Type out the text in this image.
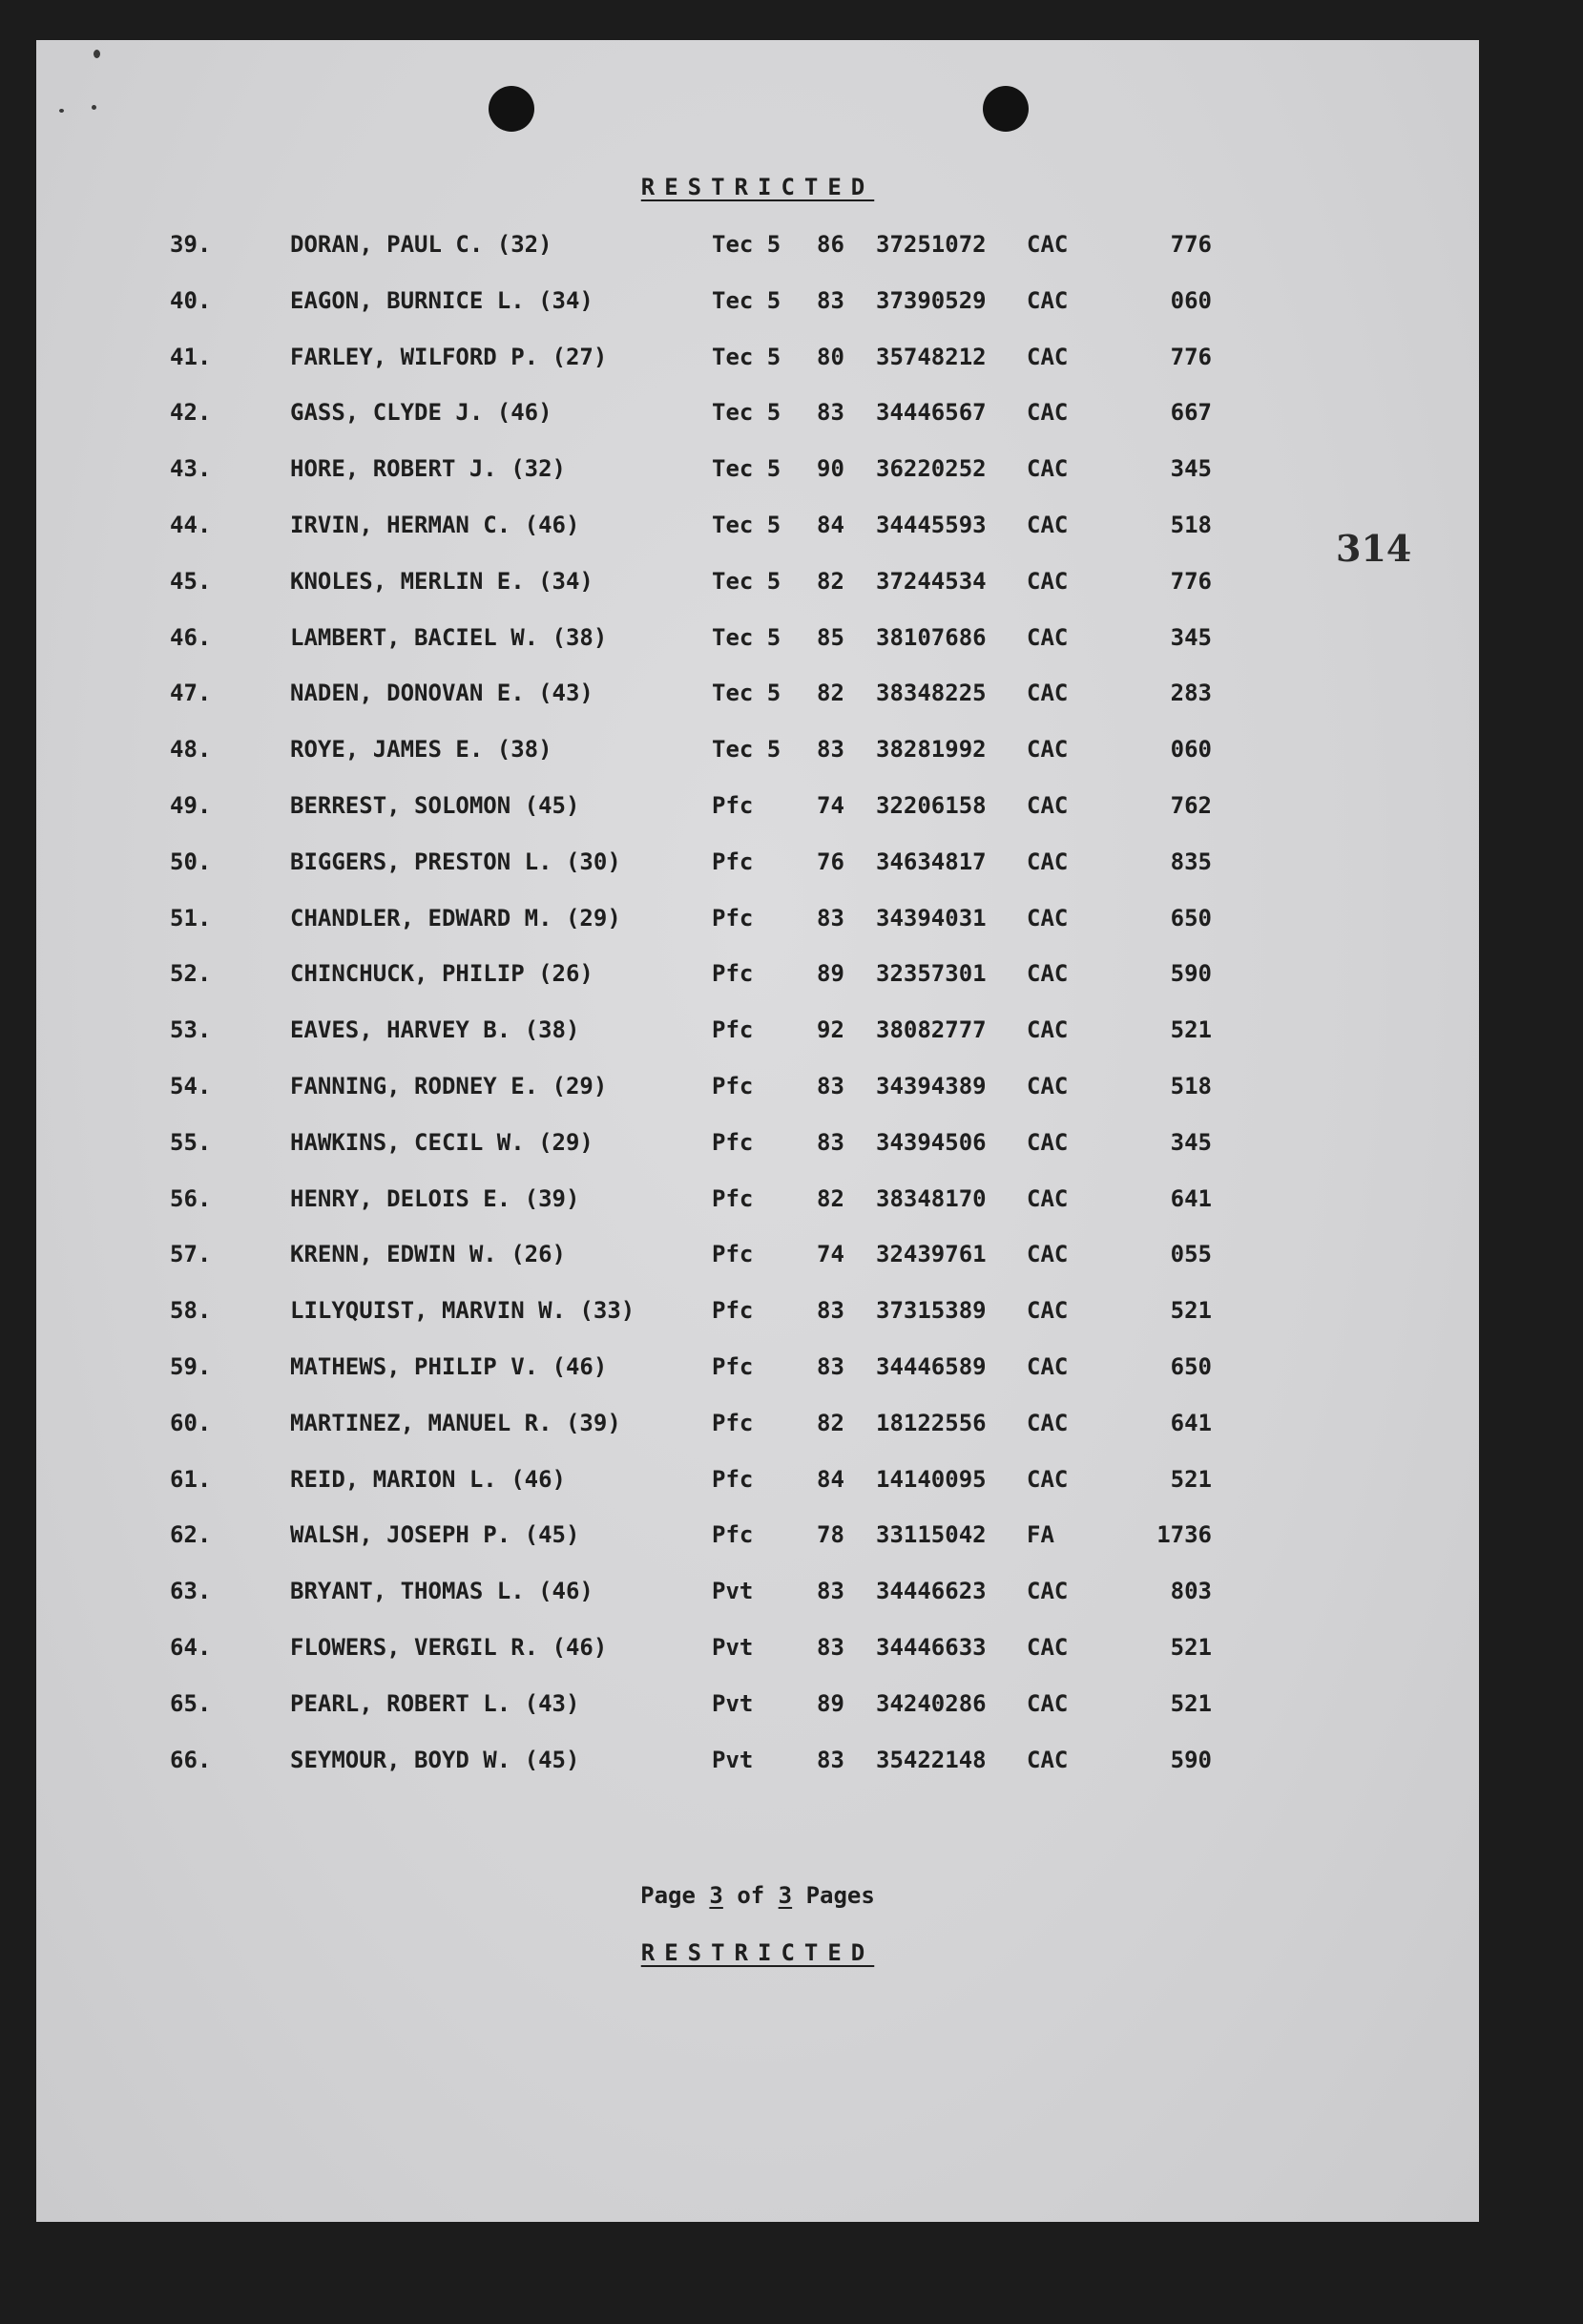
RESTRICTED
314
39.	DORAN, PAUL C. (32)	Tec 5 86 37251072 CAC	776
40.	EAGON, BURNICE L. (34)	Tec 5 83 37390529 CAC	060
41.	FARLEY, WILFORD P. (27)	Tec 5 80 35748212 CAC	776
42.	GASS, CLYDE J. (46)	Tec 5 83 34446567 CAC	667
43.	HORE, ROBERT J. (32)	Tec 5 90 36220252 CAC	345
44.	IRVIN, HERMAN C. (46)	Tec 5 84 34445593 CAC	518
45.	KNOLES, MERLIN E. (34)	Tec 5 82 37244534 CAC	776
46.	LAMBERT, BACIEL W. (38)	Tec 5 85 38107686 CAC	345
47.	NADEN, DONOVAN E. (43)	Tec 5 82 38348225 CAC	283
48.	ROYE, JAMES E. (38)	Tec 5 83 38281992 CAC	060
49.	BERREST, SOLOMON (45)	Pfc	74 32206158 CAC	762
50.	BIGGERS, PRESTON L. (30)	Pfc	76 34634817 CAC	835
51.	CHANDLER, EDWARD M. (29)	Pfc	83 34394031 CAC	650
52.	CHINCHUCK, PHILIP (26)	Pfc	89 32357301 CAC	590
53.	EAVES, HARVEY B. (38)	Pfc	92 38082777 CAC	521
54.	FANNING, RODNEY E. (29)	Pfc	83 34394389 CAC	518
55.	HAWKINS, CECIL W. (29)	Pfc	83 34394506 CAC	345
56.	HENRY, DELOIS E. (39)	Pfc	82 38348170 CAC	641
57.	KRENN, EDWIN W. (26)	Pfc	74 32439761 CAC	055
58.	LILYQUIST, MARVIN W. (33)	Pfc	83 37315389 CAC	521
59.	MATHEWS, PHILIP V. (46)	Pfc	83 34446589 CAC	650
60.	MARTINEZ, MANUEL R. (39)	Pfc	82 18122556 CAC	641
61.	REID, MARION L. (46)	Pfc	84 14140095 CAC	521
62.	WALSH, JOSEPH P. (45)	Pfc	78 33115042 FA	1736
63.	BRYANT, THOMAS L. (46)	Pvt	83 34446623 CAC	803
64.	FLOWERS, VERGIL R. (46)	Pvt	83 34446633 CAC	521
65.	PEARL, ROBERT L. (43)	Pvt	89 34240286 CAC	521
66.	SEYMOUR, BOYD W. (45)	Pvt	83 35422148 CAC	590
Page 3 of 3 Pages
RESTRICTED
